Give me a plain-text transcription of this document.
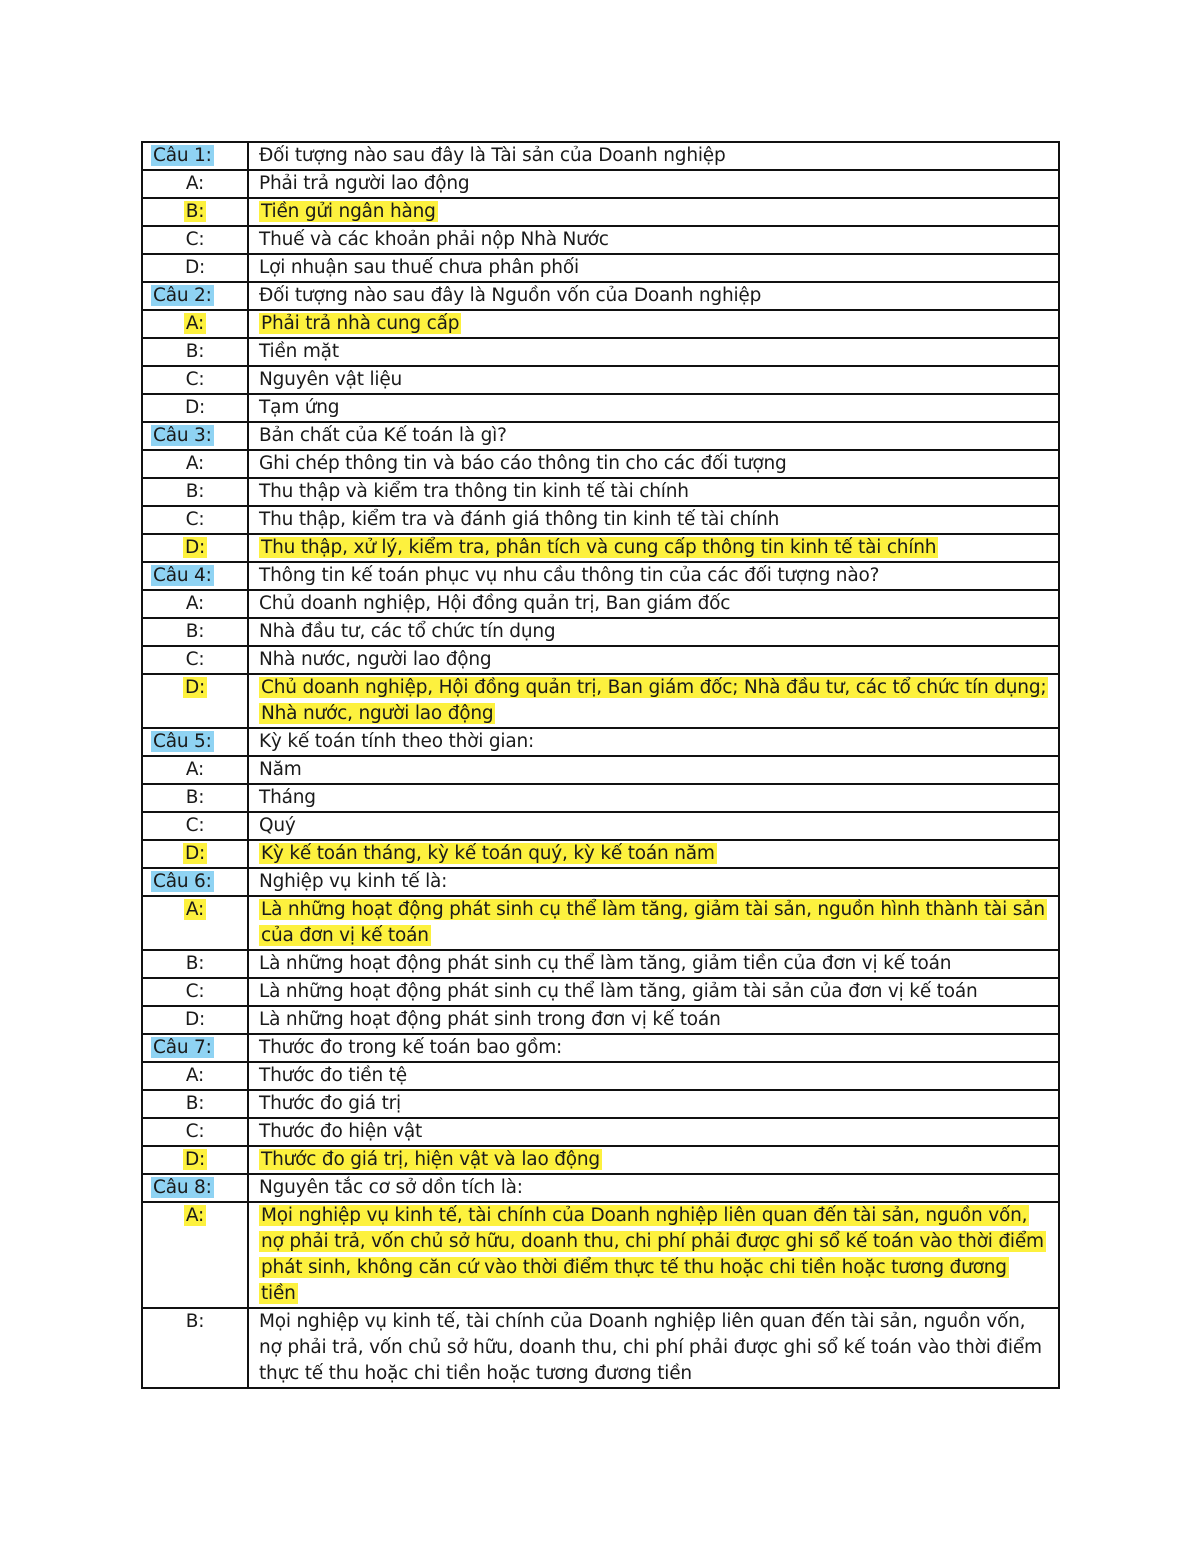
Câu 1:	Đối tượng nào sau đây là Tài sản của Doanh nghiệp
A:	Phải trả người lao động
B:	Tiền gửi ngân hàng
C:	Thuế và các khoản phải nộp Nhà Nước
D:	Lợi nhuận sau thuế chưa phân phối
Câu 2:	Đối tượng nào sau đây là Nguồn vốn của Doanh nghiệp
A:	Phải trả nhà cung cấp
B:	Tiền mặt
C:	Nguyên vật liệu
D:	Tạm ứng
Câu 3:	Bản chất của Kế toán là gì?
A:	Ghi chép thông tin và báo cáo thông tin cho các đối tượng
B:	Thu thập và kiểm tra thông tin kinh tế tài chính
C:	Thu thập, kiểm tra và đánh giá thông tin kinh tế tài chính
D:	Thu thập, xử lý, kiểm tra, phân tích và cung cấp thông tin kinh tế tài chính
Câu 4:	Thông tin kế toán phục vụ nhu cầu thông tin của các đối tượng nào?
A:	Chủ doanh nghiệp, Hội đồng quản trị, Ban giám đốc
B:	Nhà đầu tư, các tổ chức tín dụng
C:	Nhà nước, người lao động
D:	Chủ doanh nghiệp, Hội đồng quản trị, Ban giám đốc; Nhà đầu tư, các tổ chức tín dụng; Nhà nước, người lao động
Câu 5:	Kỳ kế toán tính theo thời gian:
A:	Năm
B:	Tháng
C:	Quý
D:	Kỳ kế toán tháng, kỳ kế toán quý, kỳ kế toán năm
Câu 6:	Nghiệp vụ kinh tế là:
A:	Là những hoạt động phát sinh cụ thể làm tăng, giảm tài sản, nguồn hình thành tài sản của đơn vị kế toán
B:	Là những hoạt động phát sinh cụ thể làm tăng, giảm tiền của đơn vị kế toán
C:	Là những hoạt động phát sinh cụ thể làm tăng, giảm tài sản của đơn vị kế toán
D:	Là những hoạt động phát sinh trong đơn vị kế toán
Câu 7:	Thước đo trong kế toán bao gồm:
A:	Thước đo tiền tệ
B:	Thước đo giá trị
C:	Thước đo hiện vật
D:	Thước đo giá trị, hiện vật và lao động
Câu 8:	Nguyên tắc cơ sở dồn tích là:
A:	Mọi nghiệp vụ kinh tế, tài chính của Doanh nghiệp liên quan đến tài sản, nguồn vốn, nợ phải trả, vốn chủ sở hữu, doanh thu, chi phí phải được ghi sổ kế toán vào thời điểm phát sinh, không căn cứ vào thời điểm thực tế thu hoặc chi tiền hoặc tương đương tiền
B:	Mọi nghiệp vụ kinh tế, tài chính của Doanh nghiệp liên quan đến tài sản, nguồn vốn, nợ phải trả, vốn chủ sở hữu, doanh thu, chi phí phải được ghi sổ kế toán vào thời điểm thực tế thu hoặc chi tiền hoặc tương đương tiền
